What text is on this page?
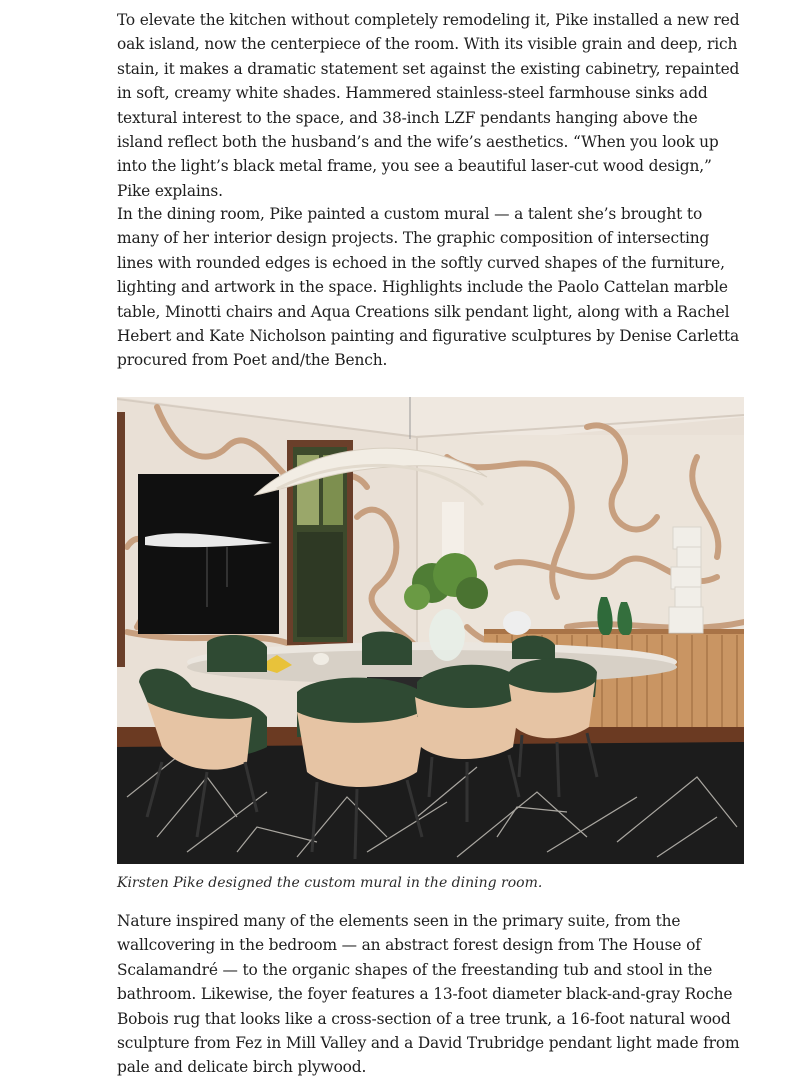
To elevate the kitchen without completely remodeling it, Pike installed a new red oak island, now the centerpiece of the room. With its visible grain and deep, rich stain, it makes a dramatic statement set against the existing cabinetry, repainted in soft, creamy white shades. Hammered stainless-steel farmhouse sinks add textural interest to the space, and 38-inch LZF pendants hanging above the island reflect both the husband’s and the wife’s aesthetics. “When you look up into the light’s black metal frame, you see a beautiful laser-cut wood design,” Pike explains.

In the dining room, Pike painted a custom mural — a talent she’s brought to many of her interior design projects. The graphic composition of intersecting lines with rounded edges is echoed in the softly curved shapes of the furniture, lighting and artwork in the space. Highlights include the Paolo Cattelan marble table, Minotti chairs and Aqua Creations silk pendant light, along with a Rachel Hebert and Kate Nicholson painting and figurative sculptures by Denise Carletta procured from Poet and/the Bench.

Kirsten Pike designed the custom mural in the dining room.

Nature inspired many of the elements seen in the primary suite, from the wallcovering in the bedroom — an abstract forest design from The House of Scalamandré — to the organic shapes of the freestanding tub and stool in the bathroom. Likewise, the foyer features a 13-foot diameter black-and-gray Roche Bobois rug that looks like a cross-section of a tree trunk, a 16-foot natural wood sculpture from Fez in Mill Valley and a David Trubridge pendant light made from pale and delicate birch plywood.
